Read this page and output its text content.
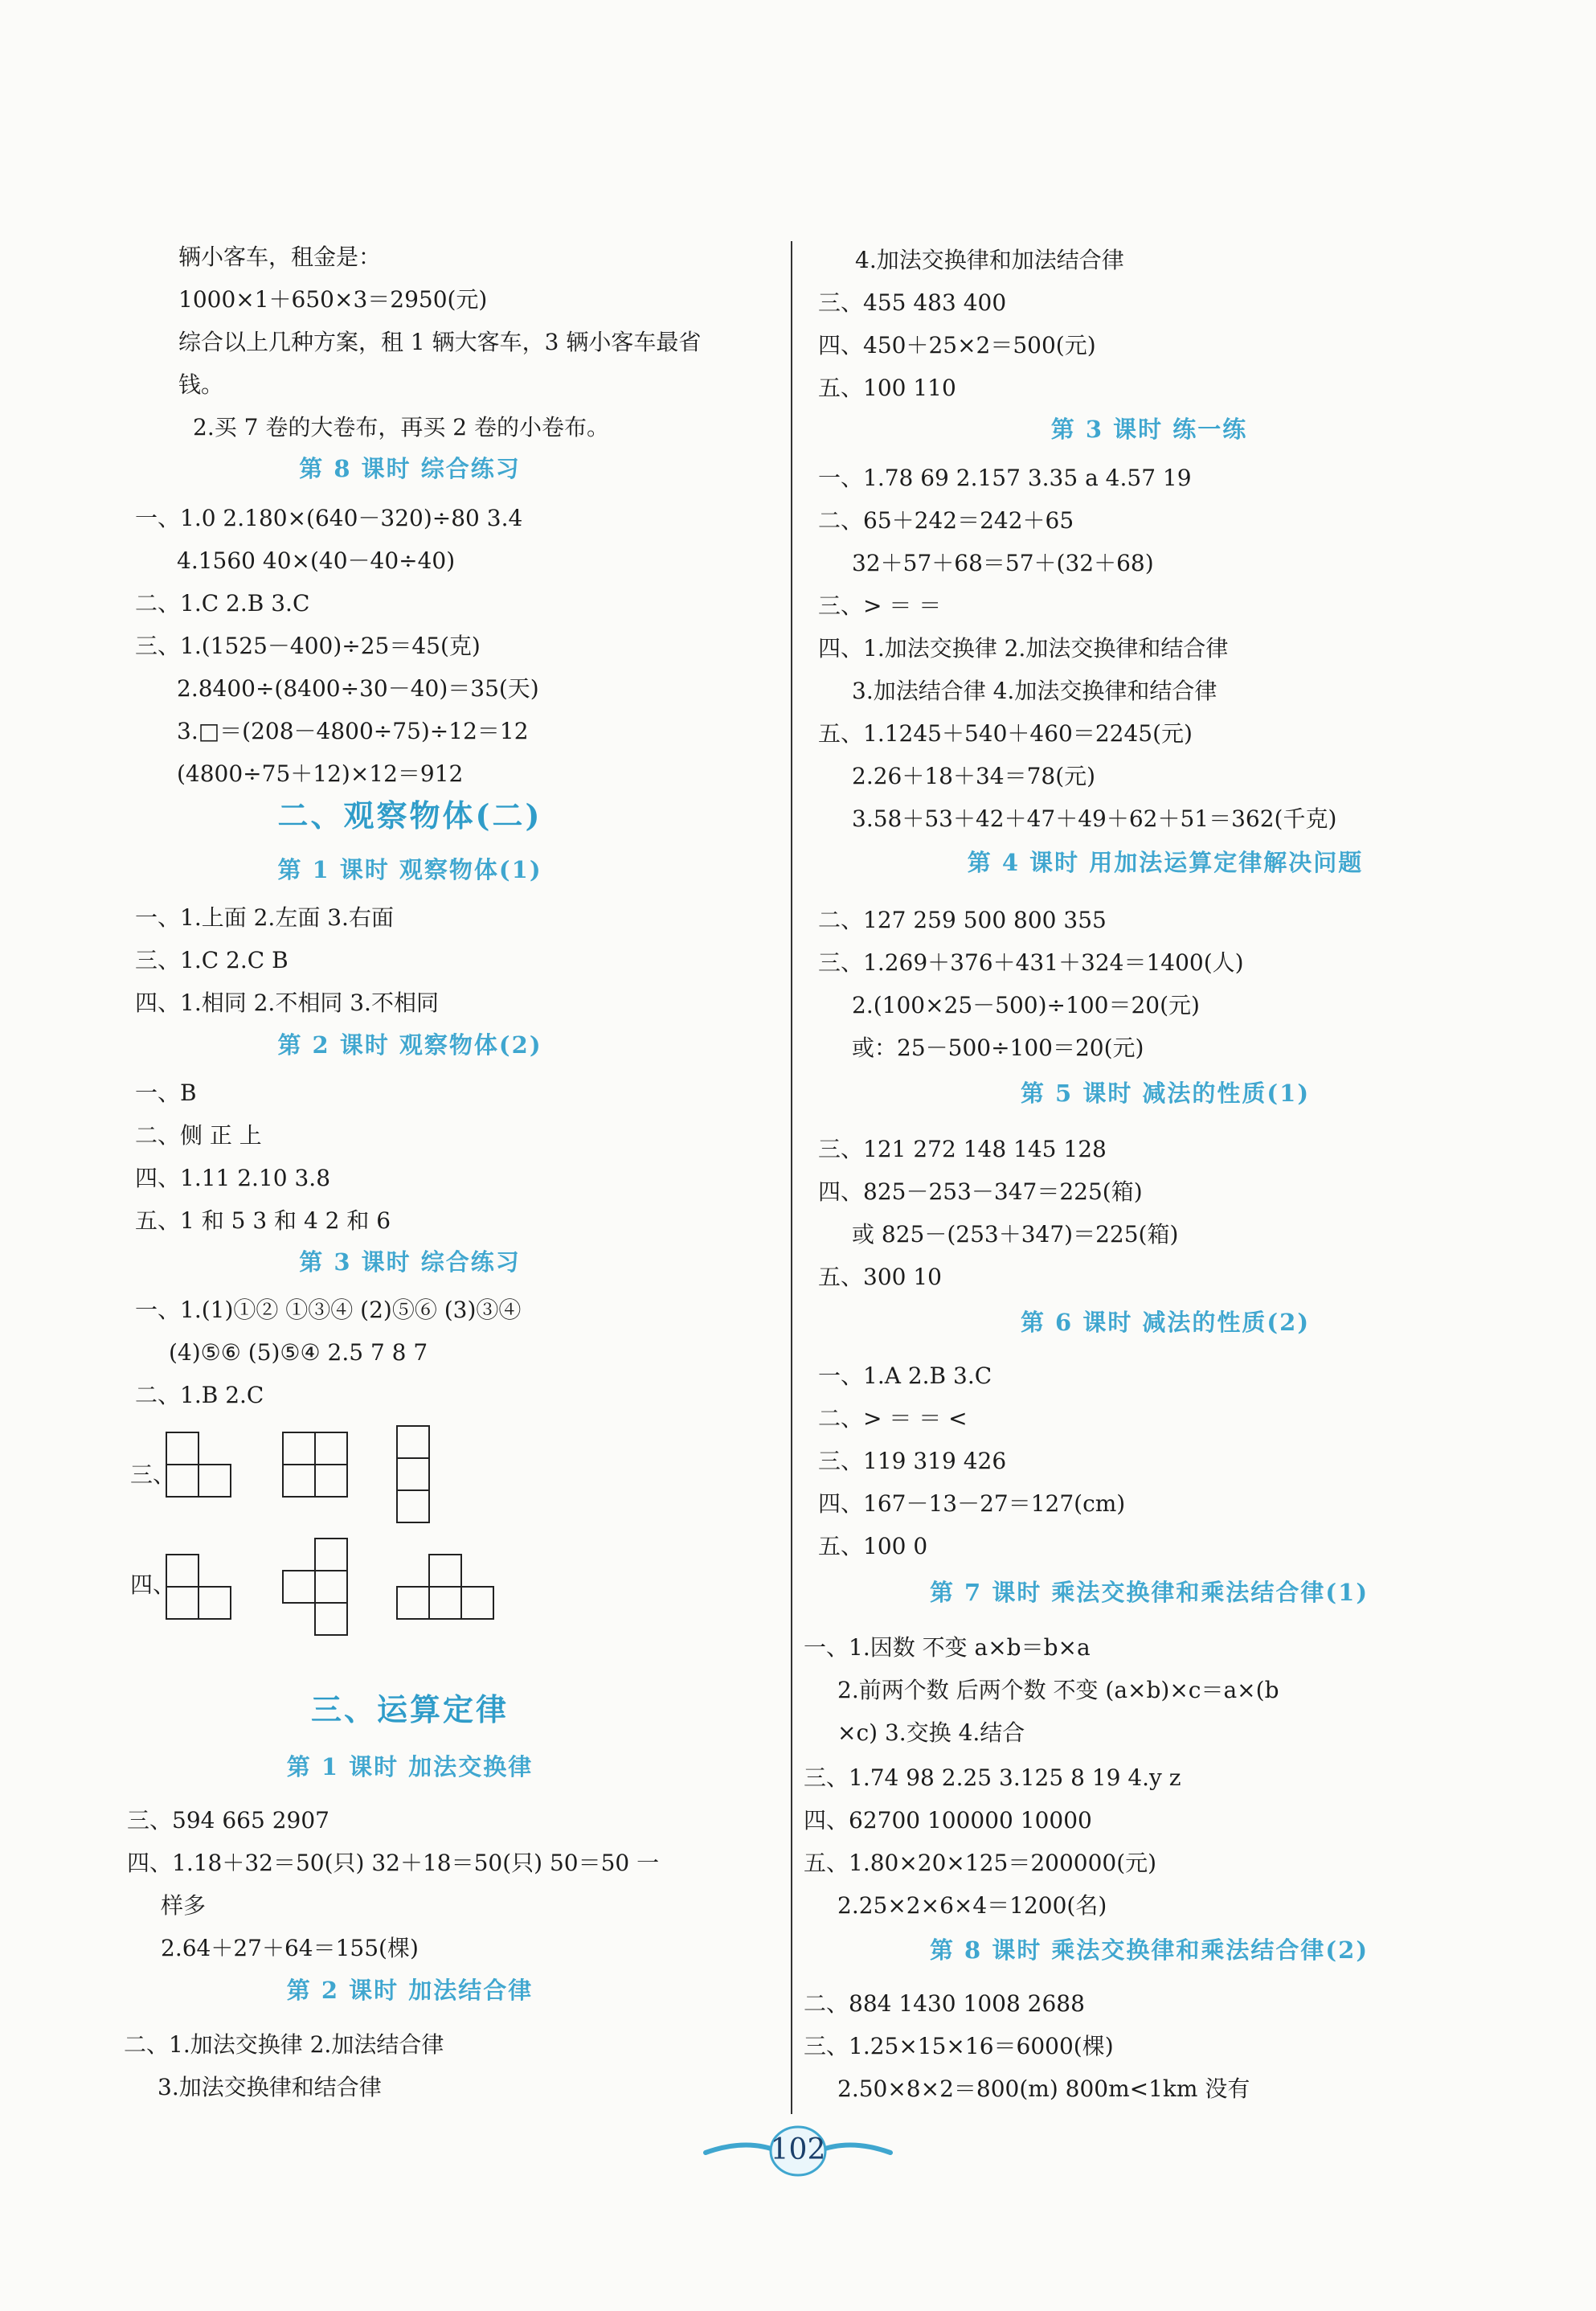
辆小客车，租金是：
1000×1＋650×3＝2950(元)
综合以上几种方案，租 1 辆大客车，3 辆小客车最省
钱。
2.买 7 卷的大卷布，再买 2 卷的小卷布。
第 8 课时 综合练习
一、1.0 2.180×(640－320)÷80 3.4
4.1560 40×(40－40÷40)
二、1.C 2.B 3.C
三、1.(1525－400)÷25＝45(克)
2.8400÷(8400÷30－40)＝35(天)
3.□＝(208－4800÷75)÷12＝12
(4800÷75＋12)×12＝912
二、观察物体(二)
第 1 课时 观察物体(1)
一、1.上面 2.左面 3.右面
三、1.C 2.C B
四、1.相同 2.不相同 3.不相同
第 2 课时 观察物体(2)
一、B
二、侧 正 上
四、1.11 2.10 3.8
五、1 和 5 3 和 4 2 和 6
第 3 课时 综合练习
一、1.(1)①② ①③④ (2)⑤⑥ (3)③④
(4)⑤⑥ (5)⑤④ 2.5 7 8 7
二、1.B 2.C
三、
四、
三、运算定律
第 1 课时 加法交换律
三、594 665 2907
四、1.18＋32＝50(只) 32＋18＝50(只) 50＝50 一
样多
2.64＋27＋64＝155(棵)
第 2 课时 加法结合律
二、1.加法交换律 2.加法结合律
3.加法交换律和结合律
4.加法交换律和加法结合律
三、455 483 400
四、450＋25×2＝500(元)
五、100 110
第 3 课时 练一练
一、1.78 69 2.157 3.35 a 4.57 19
二、65＋242＝242＋65
32＋57＋68＝57＋(32＋68)
三、> ＝ ＝
四、1.加法交换律 2.加法交换律和结合律
3.加法结合律 4.加法交换律和结合律
五、1.1245＋540＋460＝2245(元)
2.26＋18＋34＝78(元)
3.58＋53＋42＋47＋49＋62＋51＝362(千克)
第 4 课时 用加法运算定律解决问题
二、127 259 500 800 355
三、1.269＋376＋431＋324＝1400(人)
2.(100×25－500)÷100＝20(元)
或：25－500÷100＝20(元)
第 5 课时 减法的性质(1)
三、121 272 148 145 128
四、825－253－347＝225(箱)
或 825－(253＋347)＝225(箱)
五、300 10
第 6 课时 减法的性质(2)
一、1.A 2.B 3.C
二、> ＝ ＝ <
三、119 319 426
四、167－13－27＝127(cm)
五、100 0
第 7 课时 乘法交换律和乘法结合律(1)
一、1.因数 不变 a×b＝b×a
2.前两个数 后两个数 不变 (a×b)×c＝a×(b
×c) 3.交换 4.结合
三、1.74 98 2.25 3.125 8 19 4.y z
四、62700 100000 10000
五、1.80×20×125＝200000(元)
2.25×2×6×4＝1200(名)
第 8 课时 乘法交换律和乘法结合律(2)
二、884 1430 1008 2688
三、1.25×15×16＝6000(棵)
2.50×8×2＝800(m) 800m<1km 没有
102
